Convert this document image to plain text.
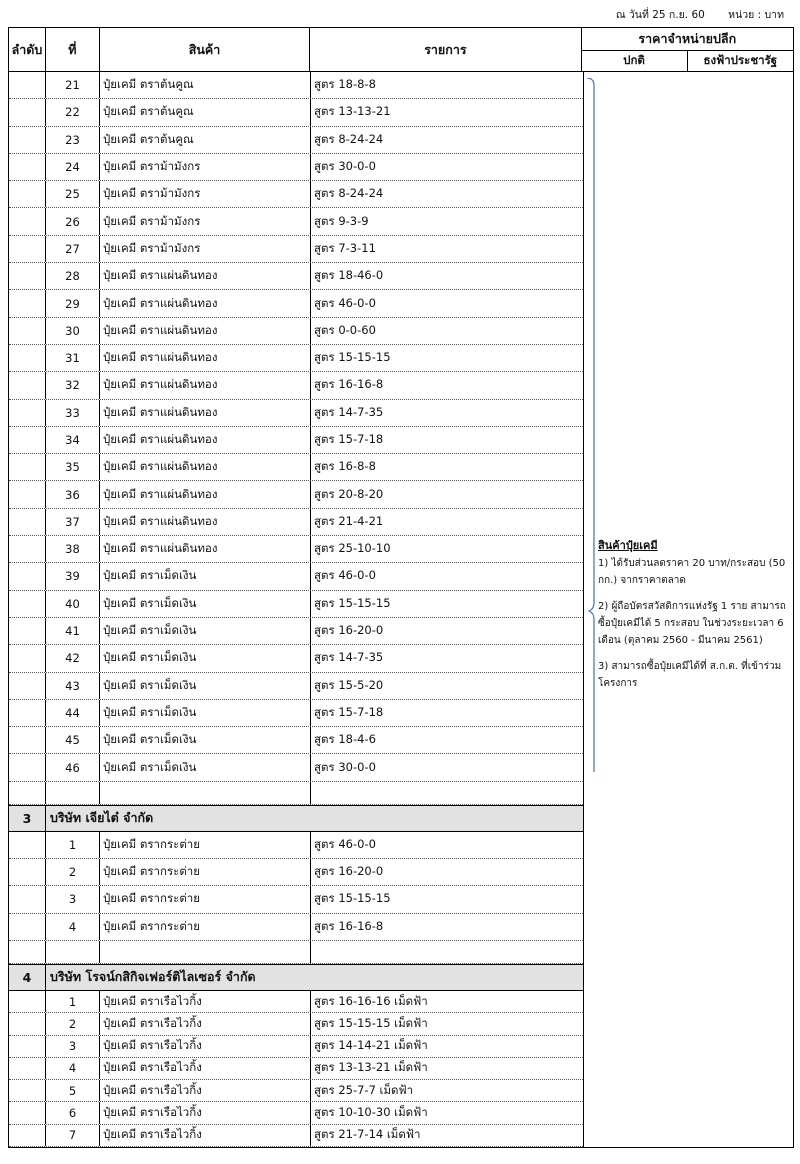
ณ วันที่ 25 ก.ย. 60 หน่วย : บาท
ลำดับ	ที่	สินค้า	รายการ
ราคาจำหน่ายปลีก
ปกติ	ธงฟ้าประชารัฐ
21	ปุ๋ยเคมี ตราต้นคูณ	สูตร 18-8-8
22	ปุ๋ยเคมี ตราต้นคูณ	สูตร 13-13-21
23	ปุ๋ยเคมี ตราต้นคูณ	สูตร 8-24-24
24	ปุ๋ยเคมี ตราม้ามังกร	สูตร 30-0-0
25	ปุ๋ยเคมี ตราม้ามังกร	สูตร 8-24-24
26	ปุ๋ยเคมี ตราม้ามังกร	สูตร 9-3-9
27	ปุ๋ยเคมี ตราม้ามังกร	สูตร 7-3-11
28	ปุ๋ยเคมี ตราแผ่นดินทอง	สูตร 18-46-0
29	ปุ๋ยเคมี ตราแผ่นดินทอง	สูตร 46-0-0
30	ปุ๋ยเคมี ตราแผ่นดินทอง	สูตร 0-0-60
31	ปุ๋ยเคมี ตราแผ่นดินทอง	สูตร 15-15-15
32	ปุ๋ยเคมี ตราแผ่นดินทอง	สูตร 16-16-8
33	ปุ๋ยเคมี ตราแผ่นดินทอง	สูตร 14-7-35
34	ปุ๋ยเคมี ตราแผ่นดินทอง	สูตร 15-7-18
35	ปุ๋ยเคมี ตราแผ่นดินทอง	สูตร 16-8-8
36	ปุ๋ยเคมี ตราแผ่นดินทอง	สูตร 20-8-20
37	ปุ๋ยเคมี ตราแผ่นดินทอง	สูตร 21-4-21
38	ปุ๋ยเคมี ตราแผ่นดินทอง	สูตร 25-10-10
39	ปุ๋ยเคมี ตราเม็ดเงิน	สูตร 46-0-0
40	ปุ๋ยเคมี ตราเม็ดเงิน	สูตร 15-15-15
41	ปุ๋ยเคมี ตราเม็ดเงิน	สูตร 16-20-0
42	ปุ๋ยเคมี ตราเม็ดเงิน	สูตร 14-7-35
43	ปุ๋ยเคมี ตราเม็ดเงิน	สูตร 15-5-20
44	ปุ๋ยเคมี ตราเม็ดเงิน	สูตร 15-7-18
45	ปุ๋ยเคมี ตราเม็ดเงิน	สูตร 18-4-6
46	ปุ๋ยเคมี ตราเม็ดเงิน	สูตร 30-0-0
3	บริษัท เจียไต๋ จำกัด
1	ปุ๋ยเคมี ตรากระต่าย	สูตร 46-0-0
2	ปุ๋ยเคมี ตรากระต่าย	สูตร 16-20-0
3	ปุ๋ยเคมี ตรากระต่าย	สูตร 15-15-15
4	ปุ๋ยเคมี ตรากระต่าย	สูตร 16-16-8
4	บริษัท โรจน์กสิกิจเฟอร์ติไลเซอร์ จำกัด
1	ปุ๋ยเคมี ตราเรือไวกิ้ง	สูตร 16-16-16 เม็ดฟ้า
2	ปุ๋ยเคมี ตราเรือไวกิ้ง	สูตร 15-15-15 เม็ดฟ้า
3	ปุ๋ยเคมี ตราเรือไวกิ้ง	สูตร 14-14-21 เม็ดฟ้า
4	ปุ๋ยเคมี ตราเรือไวกิ้ง	สูตร 13-13-21 เม็ดฟ้า
5	ปุ๋ยเคมี ตราเรือไวกิ้ง	สูตร 25-7-7 เม็ดฟ้า
6	ปุ๋ยเคมี ตราเรือไวกิ้ง	สูตร 10-10-30 เม็ดฟ้า
7	ปุ๋ยเคมี ตราเรือไวกิ้ง	สูตร 21-7-14 เม็ดฟ้า
สินค้าปุ๋ยเคมี

1) ได้รับส่วนลดราคา 20 บาท/กระสอบ (50 กก.) จากราคาตลาด

2) ผู้ถือบัตรสวัสดิการแห่งรัฐ 1 ราย สามารถซื้อปุ๋ยเคมีได้ 5 กระสอบ ในช่วงระยะเวลา 6 เดือน (ตุลาคม 2560 - มีนาคม 2561)

3) สามารถซื้อปุ๋ยเคมีได้ที่ ส.ก.ต. ที่เข้าร่วมโครงการ
